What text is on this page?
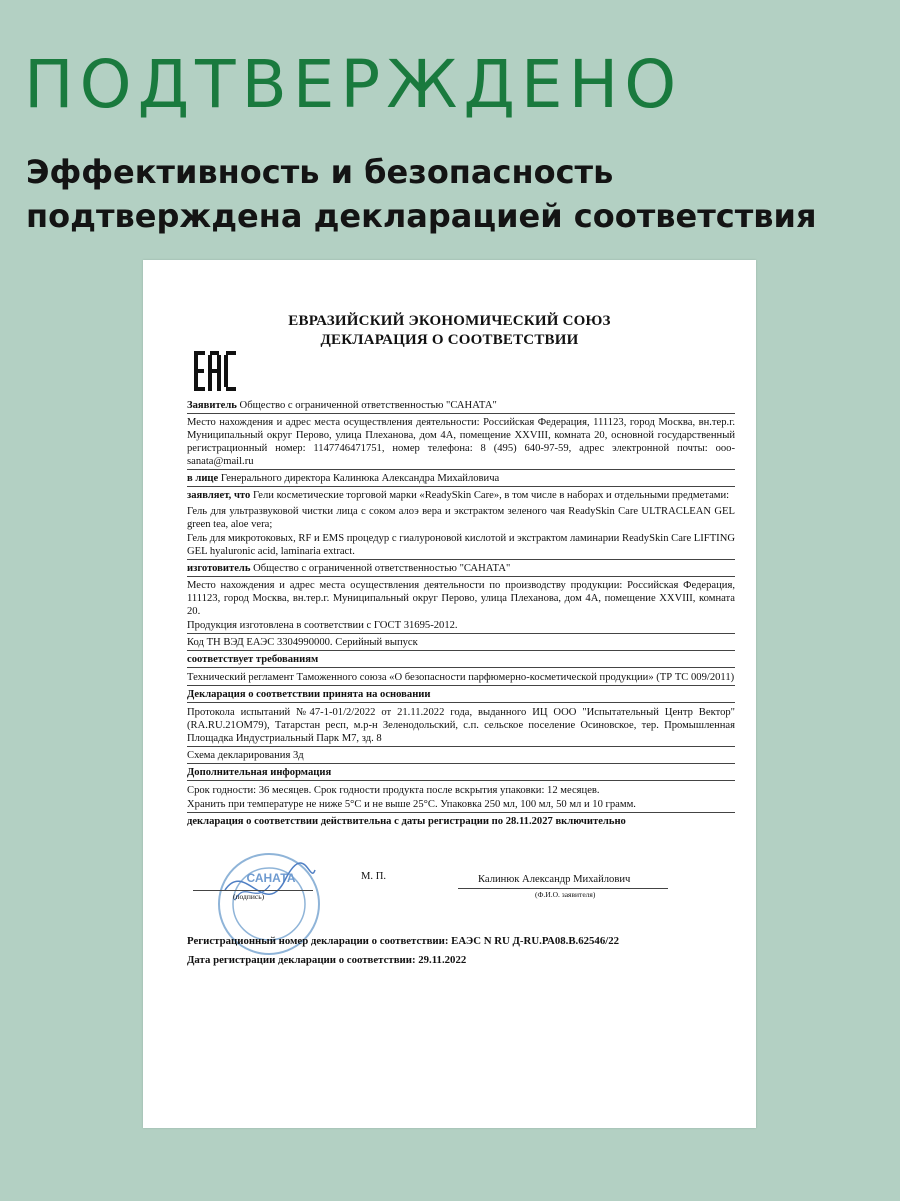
ПОДТВЕРЖДЕНО
Эффективность и безопасность
подтверждена декларацией соответствия
ЕВРАЗИЙСКИЙ ЭКОНОМИЧЕСКИЙ СОЮЗ
ДЕКЛАРАЦИЯ О СООТВЕТСТВИИ
Заявитель Общество с ограниченной ответственностью "САНАТА"
Место нахождения и адрес места осуществления деятельности: Российская Федерация, 111123, город Москва, вн.тер.г. Муниципальный округ Перово, улица Плеханова, дом 4А, помещение XXVIII, комната 20, основной государственный регистрационный номер: 1147746471751, номер телефона: 8 (495) 640-97-59, адрес электронной почты: ooo-sanata@mail.ru
в лице Генерального директора Калинюка Александра Михайловича
заявляет, что Гели косметические торговой марки «ReadySkin Care», в том числе в наборах и отдельными предметами:
Гель для ультразвуковой чистки лица с соком алоэ вера и экстрактом зеленого чая ReadySkin Care ULTRACLEAN GEL green tea, aloe vera;
Гель для микротоковых, RF и EMS процедур с гиалуроновой кислотой и экстрактом ламинарии ReadySkin Care LIFTING GEL hyaluronic acid, laminaria extract.
изготовитель Общество с ограниченной ответственностью "САНАТА"
Место нахождения и адрес места осуществления деятельности по производству продукции: Российская Федерация, 111123, город Москва, вн.тер.г. Муниципальный округ Перово, улица Плеханова, дом 4А, помещение XXVIII, комната 20.
Продукция изготовлена в соответствии с ГОСТ 31695-2012.
Код ТН ВЭД ЕАЭС 3304990000. Серийный выпуск
соответствует требованиям
Технический регламент Таможенного союза «О безопасности парфюмерно-косметической продукции» (ТР ТС 009/2011)
Декларация о соответствии принята на основании
Протокола испытаний №47-1-01/2/2022 от 21.11.2022 года, выданного ИЦ ООО "Испытательный Центр Вектор" (RA.RU.21ОМ79), Татарстан респ, м.р-н Зеленодольский, с.п. сельское поселение Осиновское, тер. Промышленная Площадка Индустриальный Парк М7, зд. 8
Схема декларирования 3д
Дополнительная информация
Срок годности: 36 месяцев. Срок годности продукта после вскрытия упаковки: 12 месяцев.
Хранить при температуре не ниже 5°С и не выше 25°С. Упаковка 250 мл, 100 мл, 50 мл и 10 грамм.
декларация о соответствии действительна с даты регистрации по 28.11.2027 включительно
САНАТА
(подпись)
М. П.	Калинюк Александр Михайлович
(Ф.И.О. заявителя)
Регистрационный номер декларации о соответствии: ЕАЭС N RU Д-RU.РА08.В.62546/22
Дата регистрации декларации о соответствии: 29.11.2022
